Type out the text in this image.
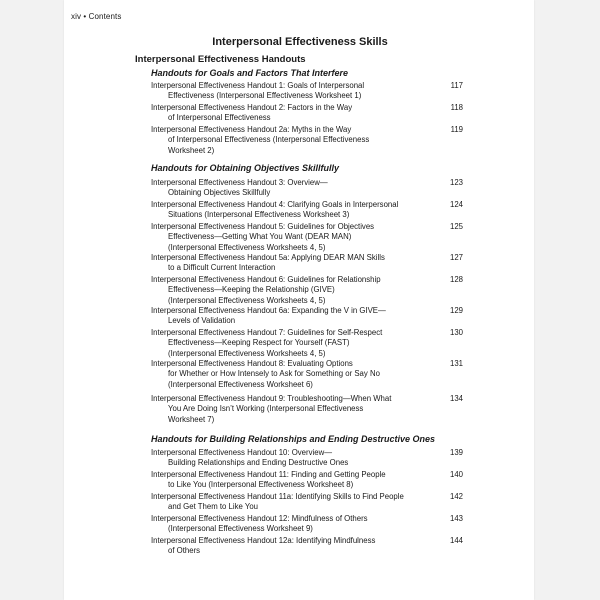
xiv • Contents
Interpersonal Effectiveness Skills
Interpersonal Effectiveness Handouts
Handouts for Goals and Factors That Interfere
Interpersonal Effectiveness Handout 1: Goals of Interpersonal
Effectiveness (Interpersonal Effectiveness Worksheet 1)
117
Interpersonal Effectiveness Handout 2: Factors in the Way
of Interpersonal Effectiveness
118
Interpersonal Effectiveness Handout 2a: Myths in the Way
of Interpersonal Effectiveness (Interpersonal Effectiveness
Worksheet 2)
119
Handouts for Obtaining Objectives Skillfully
Interpersonal Effectiveness Handout 3: Overview—
Obtaining Objectives Skillfully
123
Interpersonal Effectiveness Handout 4: Clarifying Goals in Interpersonal
Situations (Interpersonal Effectiveness Worksheet 3)
124
Interpersonal Effectiveness Handout 5: Guidelines for Objectives
Effectiveness—Getting What You Want (DEAR MAN)
(Interpersonal Effectiveness Worksheets 4, 5)
125
Interpersonal Effectiveness Handout 5a: Applying DEAR MAN Skills
to a Difficult Current Interaction
127
Interpersonal Effectiveness Handout 6: Guidelines for Relationship
Effectiveness—Keeping the Relationship (GIVE)
(Interpersonal Effectiveness Worksheets 4, 5)
128
Interpersonal Effectiveness Handout 6a: Expanding the V in GIVE—
Levels of Validation
129
Interpersonal Effectiveness Handout 7: Guidelines for Self-Respect
Effectiveness—Keeping Respect for Yourself (FAST)
(Interpersonal Effectiveness Worksheets 4, 5)
130
Interpersonal Effectiveness Handout 8: Evaluating Options
for Whether or How Intensely to Ask for Something or Say No
(Interpersonal Effectiveness Worksheet 6)
131
Interpersonal Effectiveness Handout 9: Troubleshooting—When What
You Are Doing Isn’t Working (Interpersonal Effectiveness
Worksheet 7)
134
Handouts for Building Relationships and Ending Destructive Ones
Interpersonal Effectiveness Handout 10: Overview—
Building Relationships and Ending Destructive Ones
139
Interpersonal Effectiveness Handout 11: Finding and Getting People
to Like You (Interpersonal Effectiveness Worksheet 8)
140
Interpersonal Effectiveness Handout 11a: Identifying Skills to Find People
and Get Them to Like You
142
Interpersonal Effectiveness Handout 12: Mindfulness of Others
(Interpersonal Effectiveness Worksheet 9)
143
Interpersonal Effectiveness Handout 12a: Identifying Mindfulness
of Others
144
